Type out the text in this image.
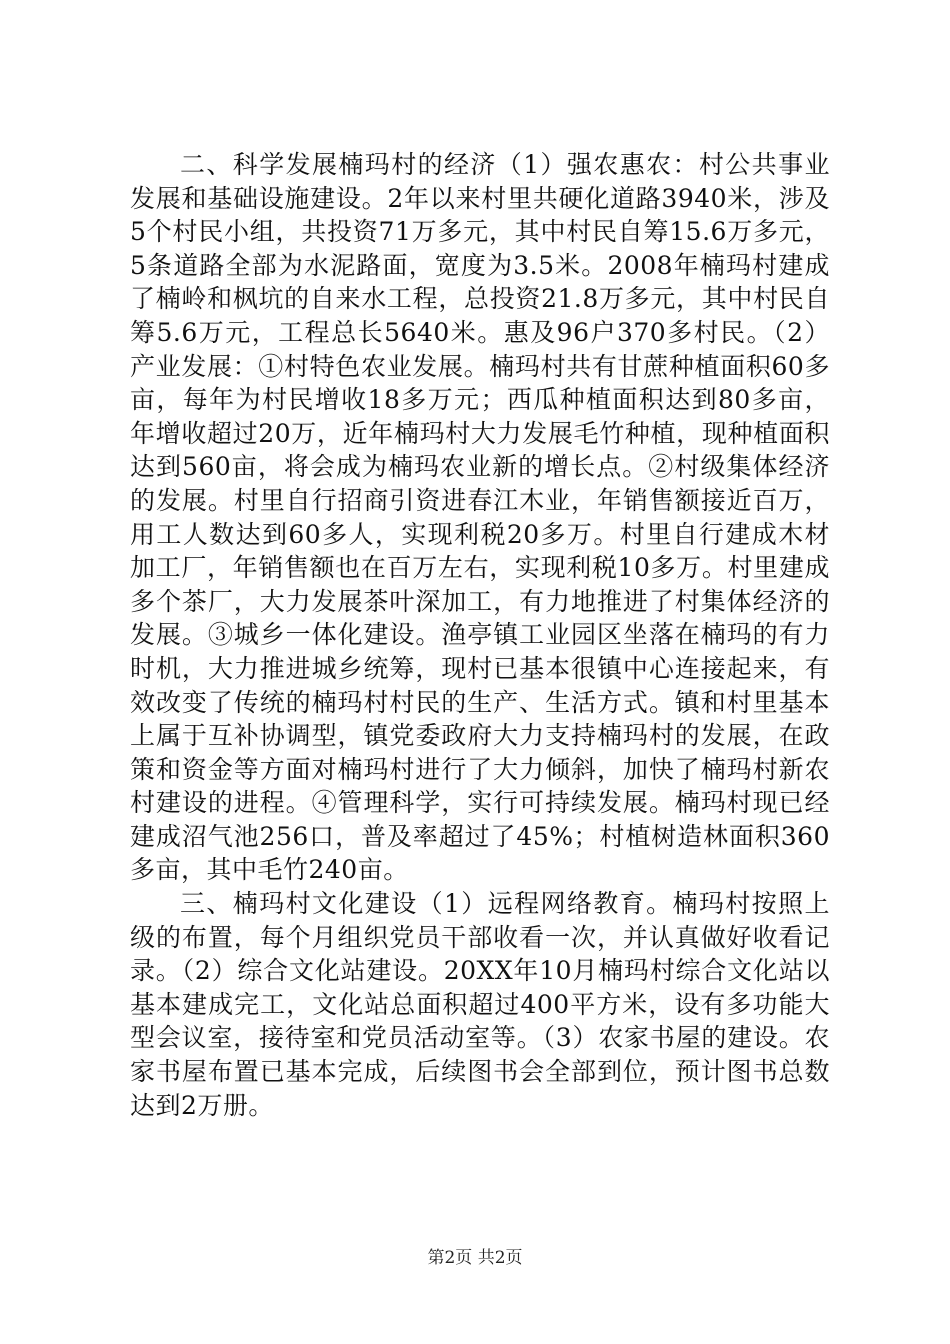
二、科学发展楠玛村的经济（1）强农惠农：村公共事业发展和基础设施建设。2年以来村里共硬化道路3940米，涉及5个村民小组，共投资71万多元，其中村民自筹15.6万多元，5条道路全部为水泥路面，宽度为3.5米。2008年楠玛村建成了楠岭和枫坑的自来水工程，总投资21.8万多元，其中村民自筹5.6万元，工程总长5640米。惠及96户370多村民。（2）产业发展：①村特色农业发展。楠玛村共有甘蔗种植面积60多亩，每年为村民增收18多万元；西瓜种植面积达到80多亩，年增收超过20万，近年楠玛村大力发展毛竹种植，现种植面积达到560亩，将会成为楠玛农业新的增长点。②村级集体经济的发展。村里自行招商引资进春江木业，年销售额接近百万，用工人数达到60多人，实现利税20多万。村里自行建成木材加工厂，年销售额也在百万左右，实现利税10多万。村里建成多个茶厂，大力发展茶叶深加工，有力地推进了村集体经济的发展。③城乡一体化建设。渔亭镇工业园区坐落在楠玛的有力时机，大力推进城乡统筹，现村已基本很镇中心连接起来，有效改变了传统的楠玛村村民的生产、生活方式。镇和村里基本上属于互补协调型，镇党委政府大力支持楠玛村的发展，在政策和资金等方面对楠玛村进行了大力倾斜，加快了楠玛村新农村建设的进程。④管理科学，实行可持续发展。楠玛村现已经建成沼气池256口，普及率超过了45%；村植树造林面积360多亩，其中毛竹240亩。

三、楠玛村文化建设（1）远程网络教育。楠玛村按照上级的布置，每个月组织党员干部收看一次，并认真做好收看记录。（2）综合文化站建设。20XX年10月楠玛村综合文化站以基本建成完工，文化站总面积超过400平方米，设有多功能大型会议室，接待室和党员活动室等。（3）农家书屋的建设。农家书屋布置已基本完成，后续图书会全部到位，预计图书总数达到2万册。

第2页 共2页
